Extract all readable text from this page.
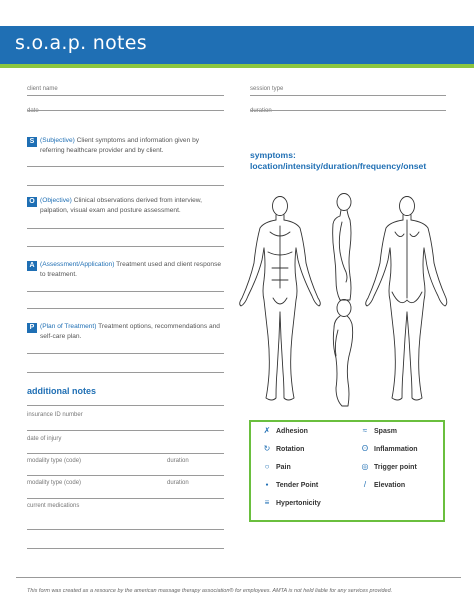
s.o.a.p. notes
client name	session type
date	duration
S (Subjective) Client symptoms and information given by referring healthcare provider and by client.
O (Objective) Clinical observations derived from interview, palpation, visual exam and posture assessment.
A (Assessment/Application) Treatment used and client response to treatment.
P (Plan of Treatment) Treatment options, recommendations and self-care plan.
additional notes
insurance ID number
date of injury
modality type (code)	duration
modality type (code)	duration
current medications
symptoms:
location/intensity/duration/frequency/onset
✗ Adhesion	≈ Spasm
↻ Rotation	ʘ Inflammation
○ Pain	◎ Trigger point
●	Tender Point	/	Elevation
≡ Hypertonicity
This form was created as a resource by the american massage therapy association® for employees. AMTA is not held liable for any services provided.
